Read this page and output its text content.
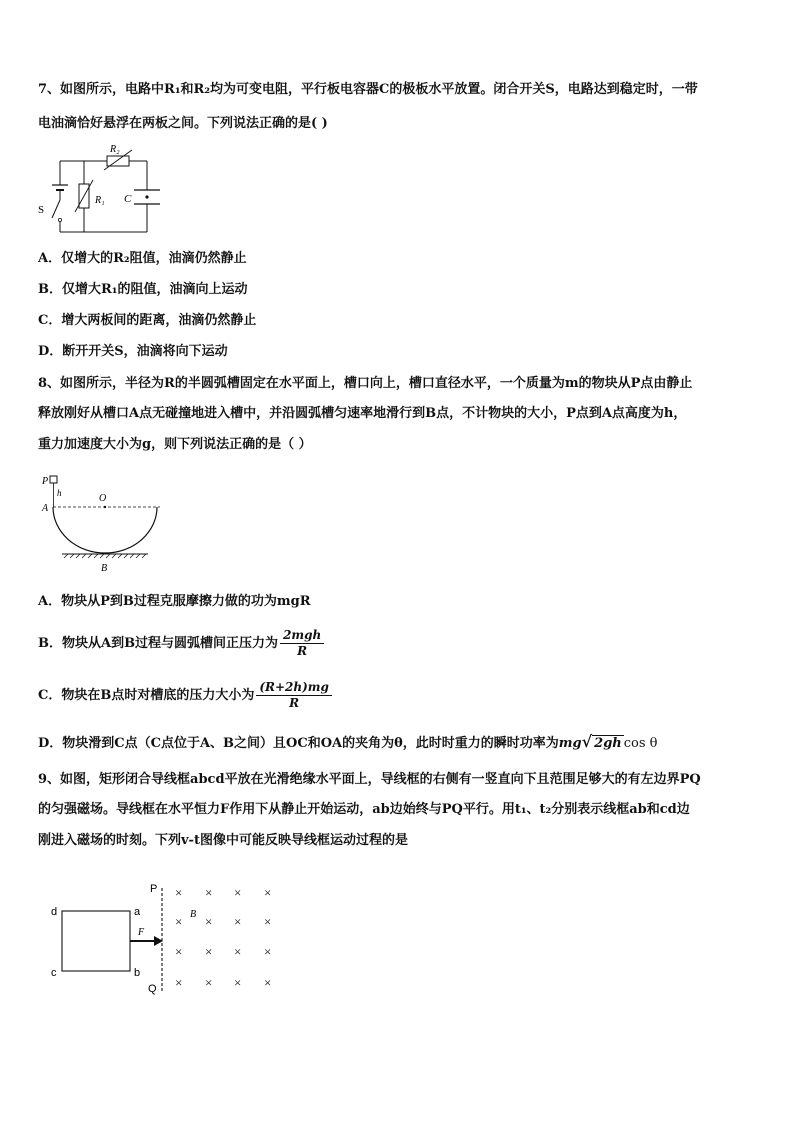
7、如图所示，电路中R₁和R₂均为可变电阻，平行板电容器C的极板水平放置。闭合开关S，电路达到稳定时，一带
电油滴恰好悬浮在两板之间。下列说法正确的是( )
R₂
S
R₁ C
A．仅增大的R₂阻值，油滴仍然静止
B．仅增大R₁的阻值，油滴向上运动
C．增大两板间的距离，油滴仍然静止
D．断开开关S，油滴将向下运动
8、如图所示，半径为R的半圆弧槽固定在水平面上，槽口向上，槽口直径水平，一个质量为m的物块从P点由静止
释放刚好从槽口A点无碰撞地进入槽中，并沿圆弧槽匀速率地滑行到B点，不计物块的大小，P点到A点高度为h，
重力加速度大小为g，则下列说法正确的是（ ）
P
h
A
O
B
A．物块从P到B过程克服摩擦力做的功为mgR
B．物块从A到B过程与圆弧槽间正压力为 $\frac{\text{2mgh}}{R}$
C．物块在B点时对槽底的压力大小为 $\frac{(R+2h)mg}{R}$
D．物块滑到C点（C点位于A、B之间）且OC和OA的夹角为θ，此时时重力的瞬时功率为mg√ 2gh cos θ
9、如图，矩形闭合导线框abcd平放在光滑绝缘水平面上，导线框的右侧有一竖直向下且范围足够大的有左边界PQ
的匀强磁场。导线框在水平恒力F作用下从静止开始运动，ab边始终与PQ平行。用t₁、t₂分别表示线框ab和cd边
刚进入磁场的时刻。下列v-t图像中可能反映导线框运动过程的是
d	a
c	b
F
P
Q
B
× × × ×
× × × ×
× × × ×
× × × ×
